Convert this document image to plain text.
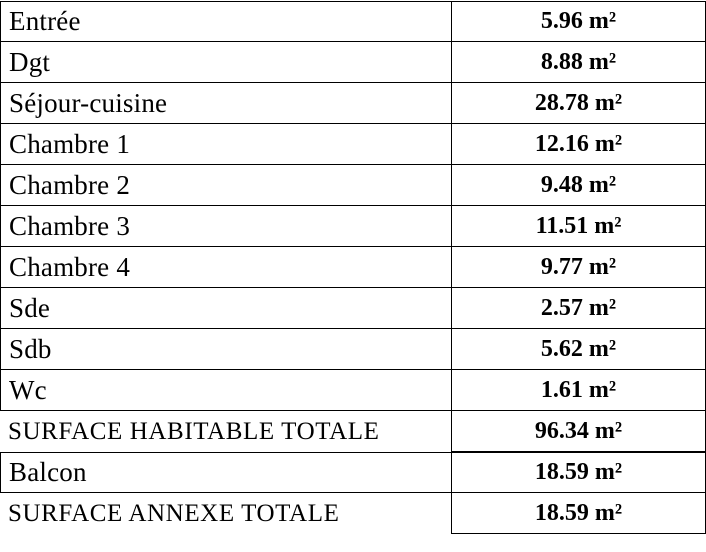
Entrée	5.96 m²
Dgt	8.88 m²
Séjour-cuisine	28.78 m²
Chambre 1	12.16 m²
Chambre 2	9.48 m²
Chambre 3	11.51 m²
Chambre 4	9.77 m²
Sde	2.57 m²
Sdb	5.62 m²
Wc	1.61 m²
SURFACE HABITABLE TOTALE	96.34 m²
Balcon	18.59 m²
SURFACE ANNEXE TOTALE	18.59 m²
